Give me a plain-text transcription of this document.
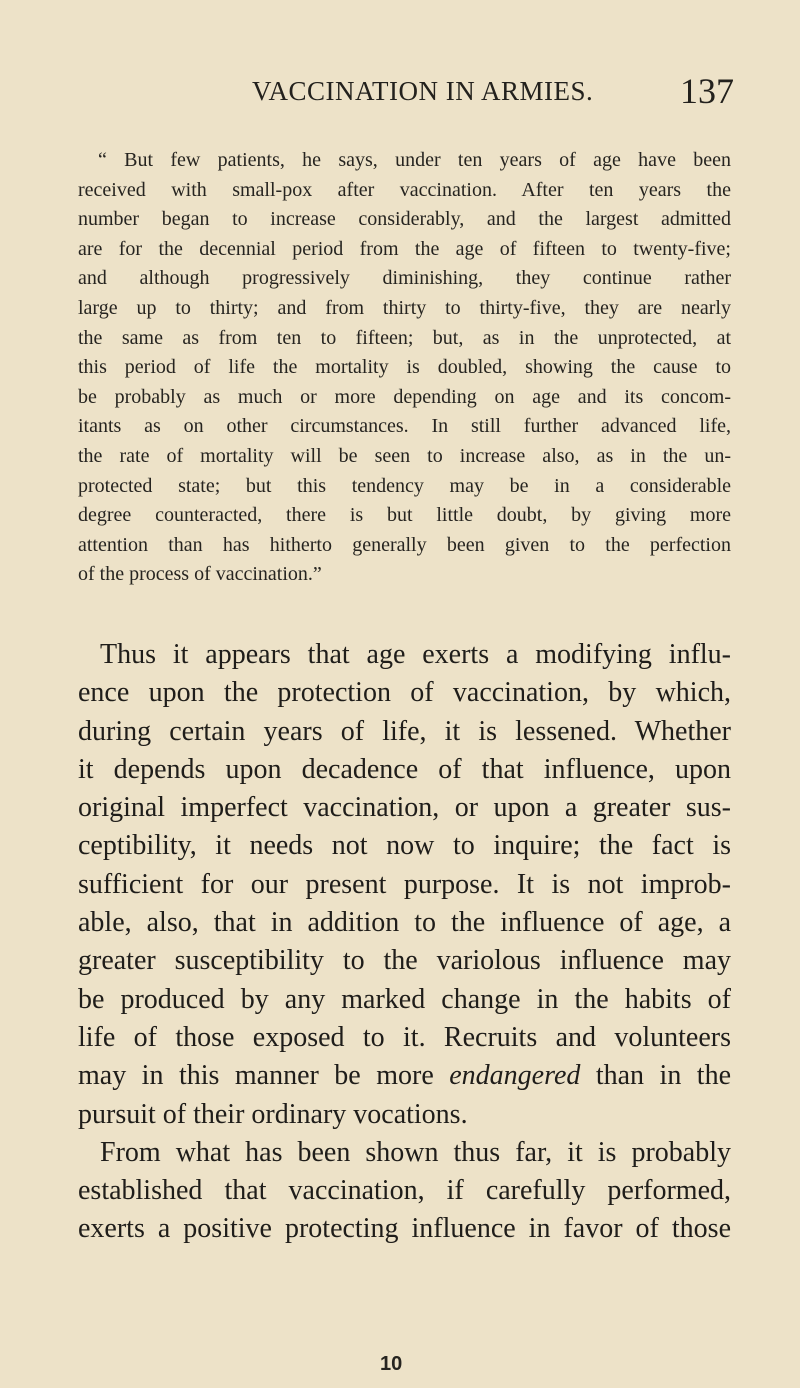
VACCINATION IN ARMIES. 137
“ But few patients, he says, under ten years of age have been
received with small-pox after vaccination. After ten years the
number began to increase considerably, and the largest admitted
are for the decennial period from the age of fifteen to twenty-five;
and although progressively diminishing, they continue rather
large up to thirty; and from thirty to thirty-five, they are nearly
the same as from ten to fifteen; but, as in the unprotected, at
this period of life the mortality is doubled, showing the cause to
be probably as much or more depending on age and its concom-
itants as on other circumstances. In still further advanced life,
the rate of mortality will be seen to increase also, as in the un-
protected state; but this tendency may be in a considerable
degree counteracted, there is but little doubt, by giving more
attention than has hitherto generally been given to the perfection
of the process of vaccination.”
Thus it appears that age exerts a modifying influ-
ence upon the protection of vaccination, by which,
during certain years of life, it is lessened. Whether
it depends upon decadence of that influence, upon
original imperfect vaccination, or upon a greater sus-
ceptibility, it needs not now to inquire; the fact is
sufficient for our present purpose. It is not improb-
able, also, that in addition to the influence of age, a
greater susceptibility to the variolous influence may
be produced by any marked change in the habits of
life of those exposed to it. Recruits and volunteers
may in this manner be more endangered than in the
pursuit of their ordinary vocations.
From what has been shown thus far, it is probably
established that vaccination, if carefully performed,
exerts a positive protecting influence in favor of those
10
